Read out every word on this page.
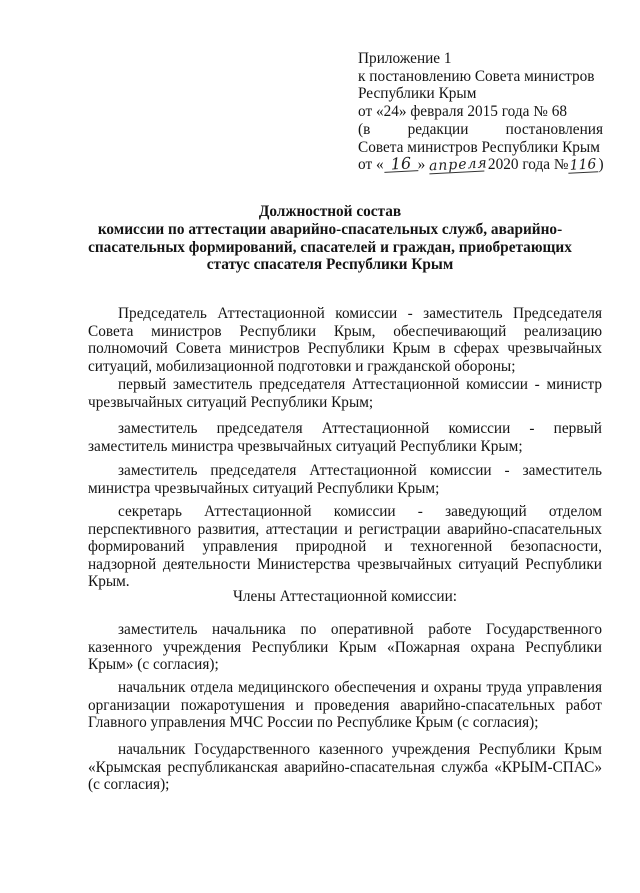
Приложение 1
к постановлению Совета министров
Республики Крым
от «24» февраля 2015 года № 68
(в редакции постановления
Совета министров Республики Крым
от « 16 » апреля 2020 года №116)
Должностной состав
комиссии по аттестации аварийно-спасательных служб, аварийно-
спасательных формирований, спасателей и граждан, приобретающих
статус спасателя Республики Крым

Председатель Аттестационной комиссии - заместитель Председателя Совета министров Республики Крым, обеспечивающий реализацию полномочий Совета министров Республики Крым в сферах чрезвычайных ситуаций, мобилизационной подготовки и гражданской обороны;

первый заместитель председателя Аттестационной комиссии - министр чрезвычайных ситуаций Республики Крым;

заместитель председателя Аттестационной комиссии - первый заместитель министра чрезвычайных ситуаций Республики Крым;

заместитель председателя Аттестационной комиссии - заместитель министра чрезвычайных ситуаций Республики Крым;

секретарь Аттестационной комиссии - заведующий отделом перспективного развития, аттестации и регистрации аварийно-спасательных формирований управления природной и техногенной безопасности, надзорной деятельности Министерства чрезвычайных ситуаций Республики Крым.

Члены Аттестационной комиссии:

заместитель начальника по оперативной работе Государственного казенного учреждения Республики Крым «Пожарная охрана Республики Крым» (с согласия);

начальник отдела медицинского обеспечения и охраны труда управления организации пожаротушения и проведения аварийно-спасательных работ Главного управления МЧС России по Республике Крым (с согласия);

начальник Государственного казенного учреждения Республики Крым «Крымская республиканская аварийно-спасательная служба «КРЫМ-СПАС» (с согласия);
